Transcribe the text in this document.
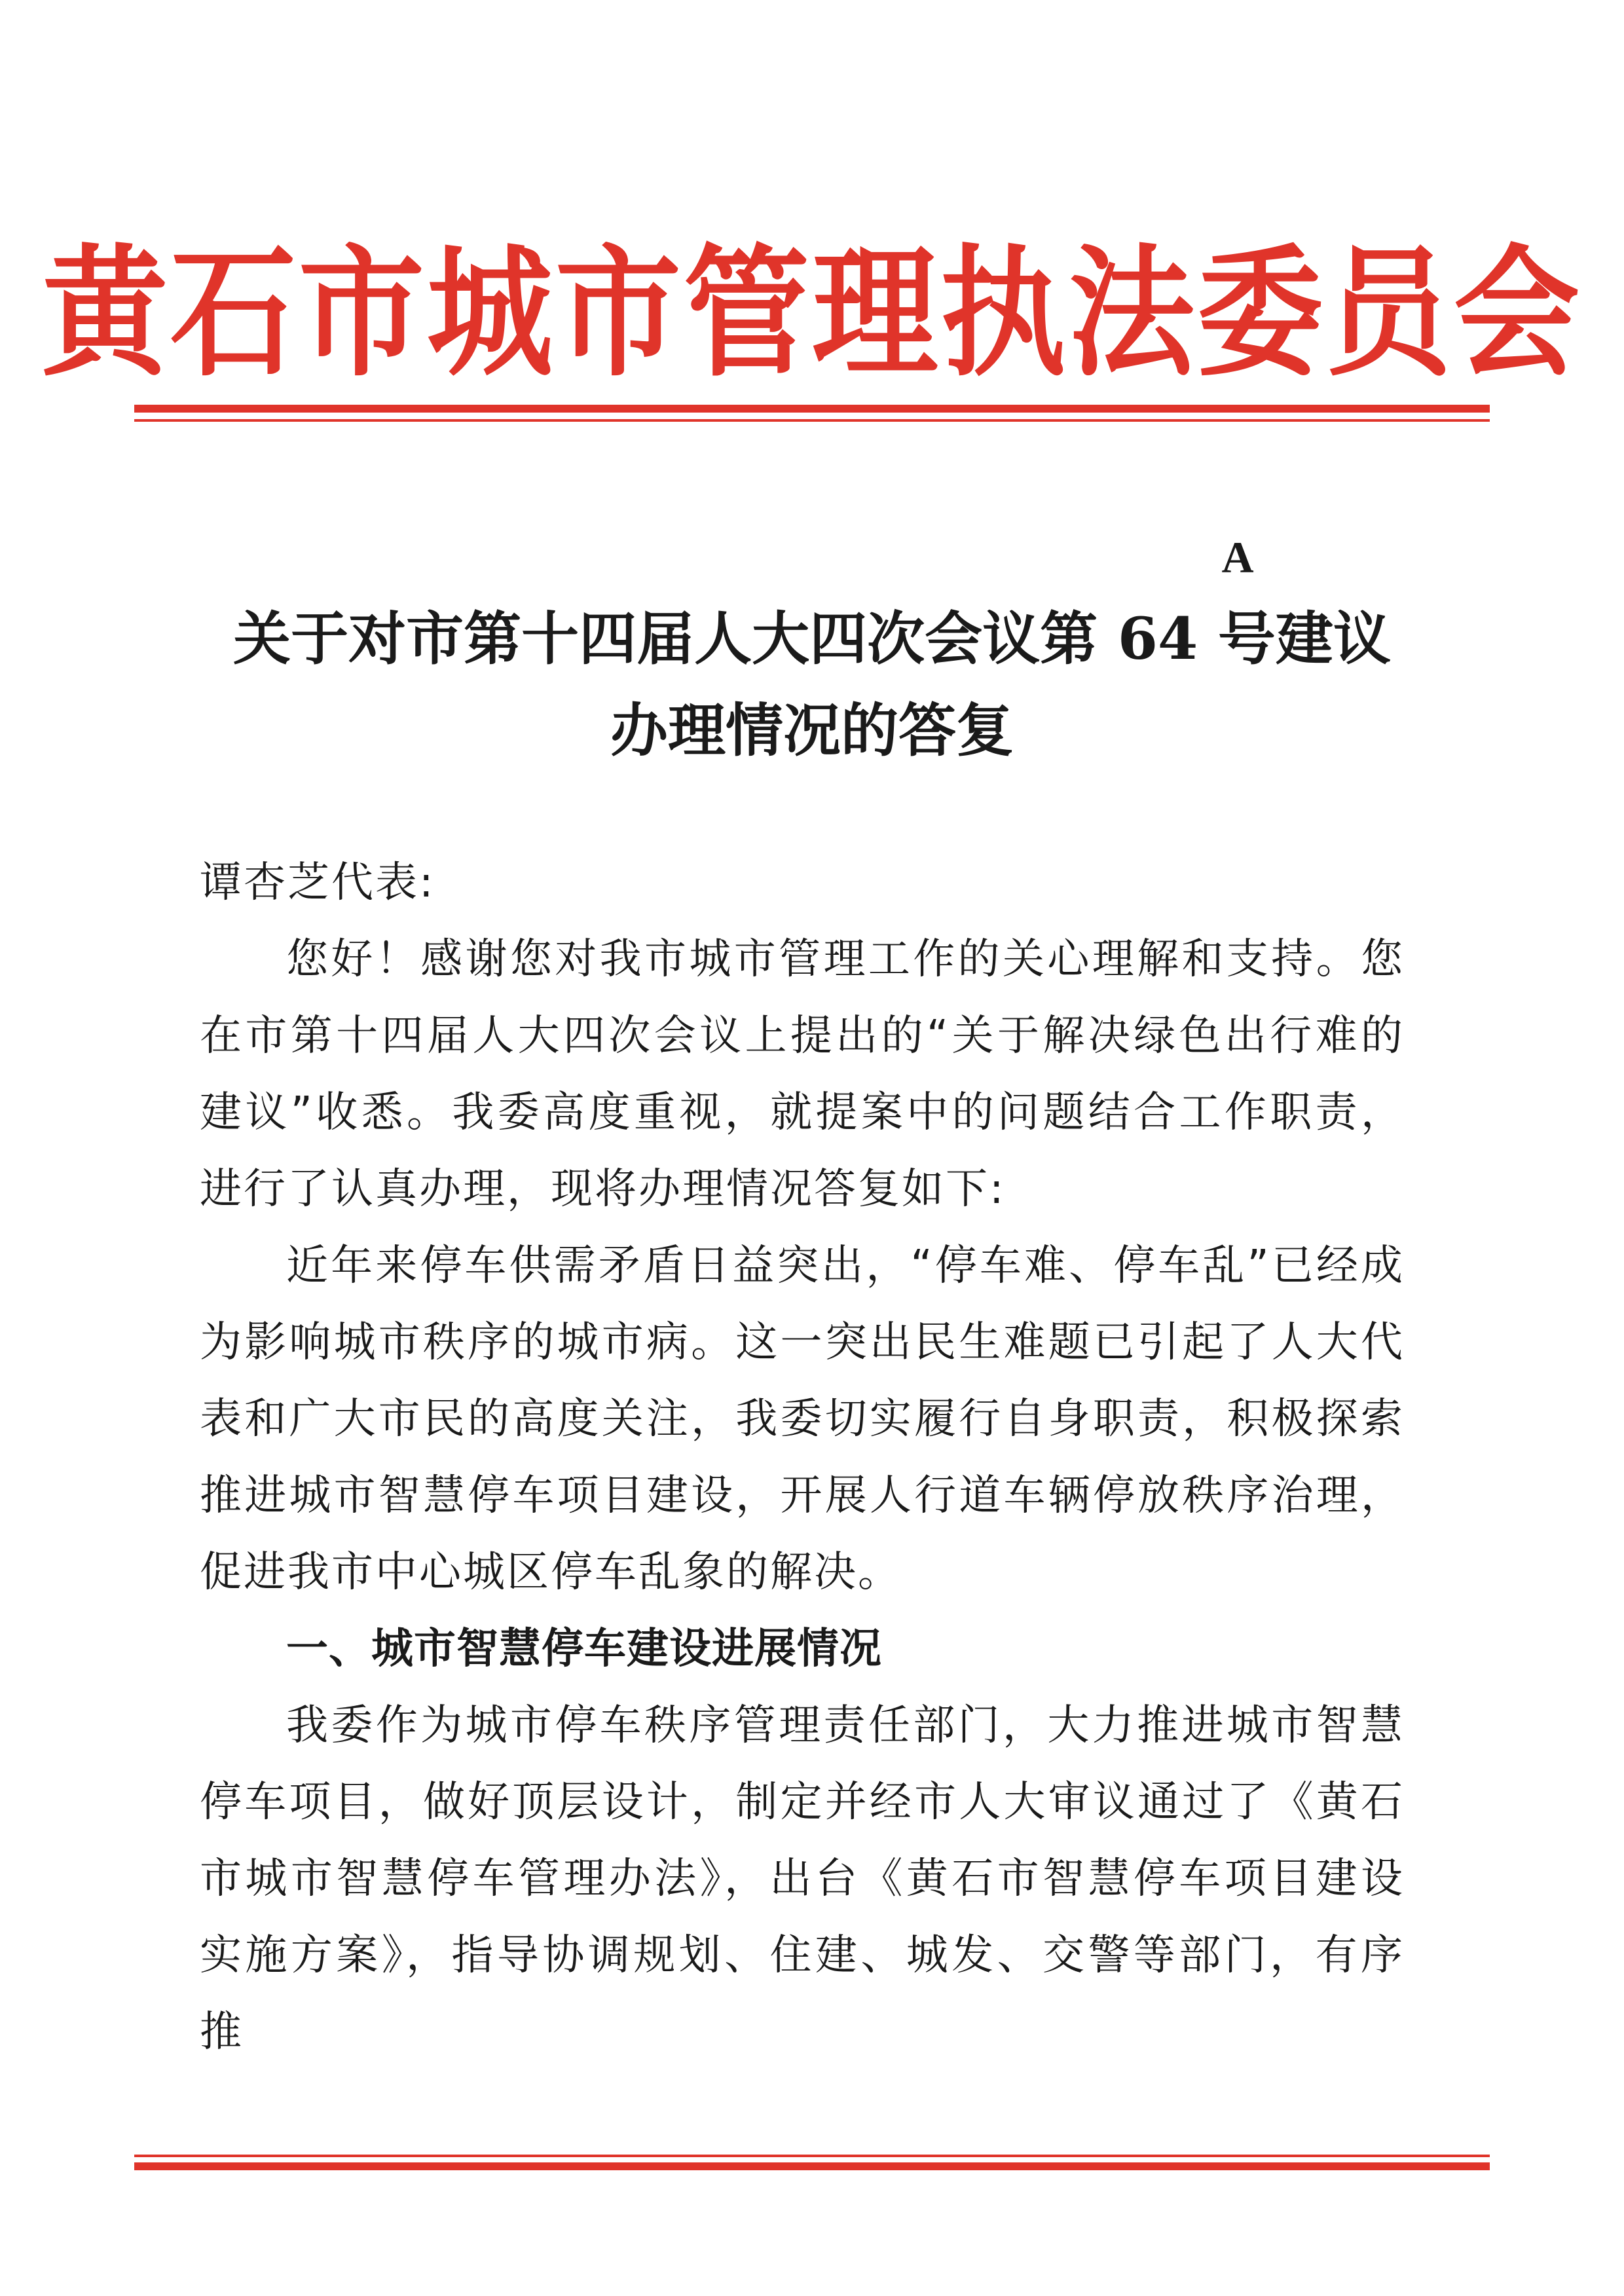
黄石市城市管理执法委员会
A
关于对市第十四届人大四次会议第 64 号建议
办理情况的答复

谭杏芝代表:

您好！感谢您对我市城市管理工作的关心理解和支持。您在市第十四届人大四次会议上提出的“关于解决绿色出行难的建议”收悉。我委高度重视，就提案中的问题结合工作职责，进行了认真办理，现将办理情况答复如下:

近年来停车供需矛盾日益突出，“停车难、停车乱”已经成为影响城市秩序的城市病。这一突出民生难题已引起了人大代表和广大市民的高度关注，我委切实履行自身职责，积极探索推进城市智慧停车项目建设，开展人行道车辆停放秩序治理，促进我市中心城区停车乱象的解决。

一、城市智慧停车建设进展情况

我委作为城市停车秩序管理责任部门，大力推进城市智慧停车项目，做好顶层设计，制定并经市人大审议通过了《黄石市城市智慧停车管理办法》，出台《黄石市智慧停车项目建设实施方案》，指导协调规划、住建、城发、交警等部门，有序推
